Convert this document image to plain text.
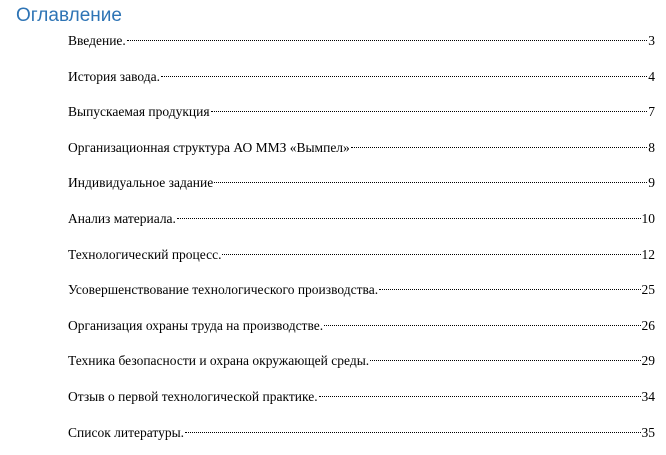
Оглавление
Введение.	3
История завода.	4
Выпускаемая продукция	7
Организационная структура АО ММЗ «Вымпел»	8
Индивидуальное задание	9
Анализ материала.	10
Технологический процесс.	12
Усовершенствование технологического производства.	25
Организация охраны труда на производстве.	26
Техника безопасности и охрана окружающей среды.	29
Отзыв о первой технологической практике.	34
Список литературы.	35
